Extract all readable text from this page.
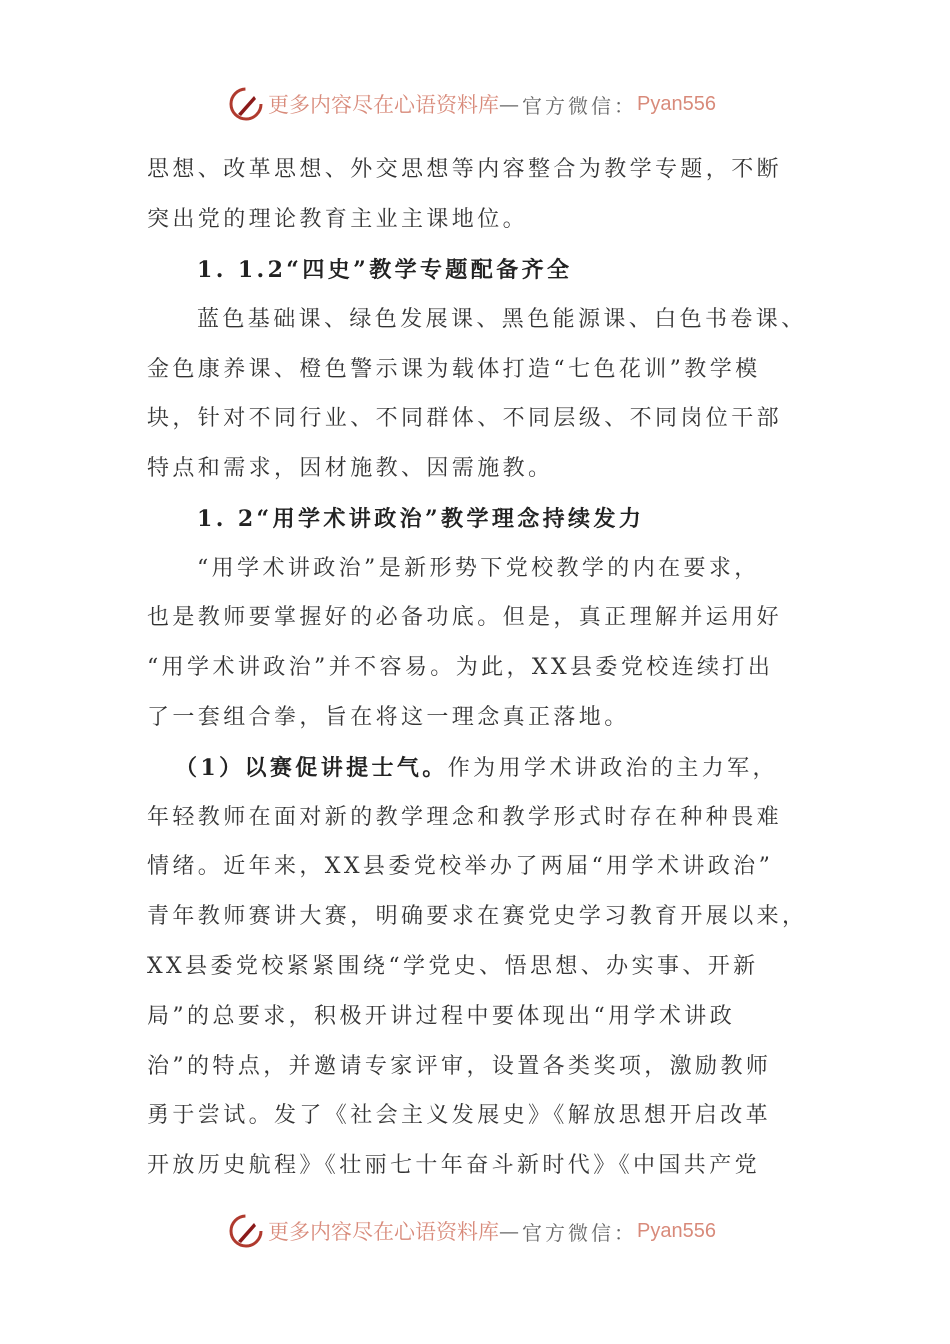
更多内容尽在心语资料库 — 官方微信： Pyan556
思想、改革思想、外交思想等内容整合为教学专题，不断
突出党的理论教育主业主课地位。
1. 1.2“四史”教学专题配备齐全
蓝色基础课、绿色发展课、黑色能源课、白色书卷课、
金色康养课、橙色警示课为载体打造“七色花训”教学模
块，针对不同行业、不同群体、不同层级、不同岗位干部
特点和需求，因材施教、因需施教。
1. 2“用学术讲政治”教学理念持续发力
“用学术讲政治”是新形势下党校教学的内在要求，
也是教师要掌握好的必备功底。但是，真正理解并运用好
“用学术讲政治”并不容易。为此，XX县委党校连续打出
了一套组合拳，旨在将这一理念真正落地。
（1）以赛促讲提士气。作为用学术讲政治的主力军，
年轻教师在面对新的教学理念和教学形式时存在种种畏难
情绪。近年来，XX县委党校举办了两届“用学术讲政治”
青年教师赛讲大赛，明确要求在赛党史学习教育开展以来，
XX县委党校紧紧围绕“学党史、悟思想、办实事、开新
局”的总要求，积极开讲过程中要体现出“用学术讲政
治”的特点，并邀请专家评审，设置各类奖项，激励教师
勇于尝试。发了《社会主义发展史》《解放思想开启改革
开放历史航程》《壮丽七十年奋斗新时代》《中国共产党
更多内容尽在心语资料库 — 官方微信： Pyan556
